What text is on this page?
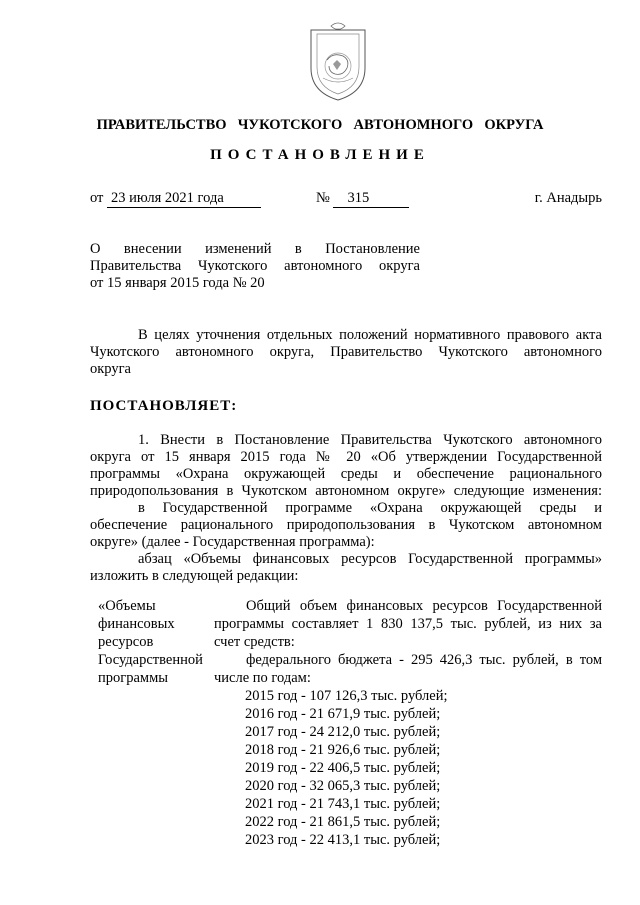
ПРАВИТЕЛЬСТВО  ЧУКОТСКОГО  АВТОНОМНОГО  ОКРУГА
ПОСТАНОВЛЕНИЕ
от 23 июля 2021 года	№ 315	г. Анадырь
О внесении изменений в Постановление
Правительства Чукотского автономного округа
от 15 января 2015 года № 20
В целях уточнения отдельных положений нормативного правового акта
Чукотского автономного округа, Правительство Чукотского автономного
округа
ПОСТАНОВЛЯЕТ:
1. Внести в Постановление Правительства Чукотского автономного
округа от 15 января 2015 года № 20 «Об утверждении Государственной
программы «Охрана окружающей среды и обеспечение рационального
природопользования в Чукотском автономном округе» следующие изменения:
в Государственной программе «Охрана окружающей среды и
обеспечение рационального природопользования в Чукотском автономном
округе» (далее - Государственная программа):
абзац «Объемы финансовых ресурсов Государственной программы»
изложить в следующей редакции:
«Объемы
финансовых
ресурсов
Государственной
программы
Общий объем финансовых ресурсов Государственной
программы составляет 1 830 137,5 тыс. рублей, из них за
счет средств:
федерального бюджета - 295 426,3 тыс. рублей, в том
числе по годам:
2015 год - 107 126,3 тыс. рублей;
2016 год - 21 671,9 тыс. рублей;
2017 год - 24 212,0 тыс. рублей;
2018 год - 21 926,6 тыс. рублей;
2019 год - 22 406,5 тыс. рублей;
2020 год - 32 065,3 тыс. рублей;
2021 год - 21 743,1 тыс. рублей;
2022 год - 21 861,5 тыс. рублей;
2023 год - 22 413,1 тыс. рублей;
